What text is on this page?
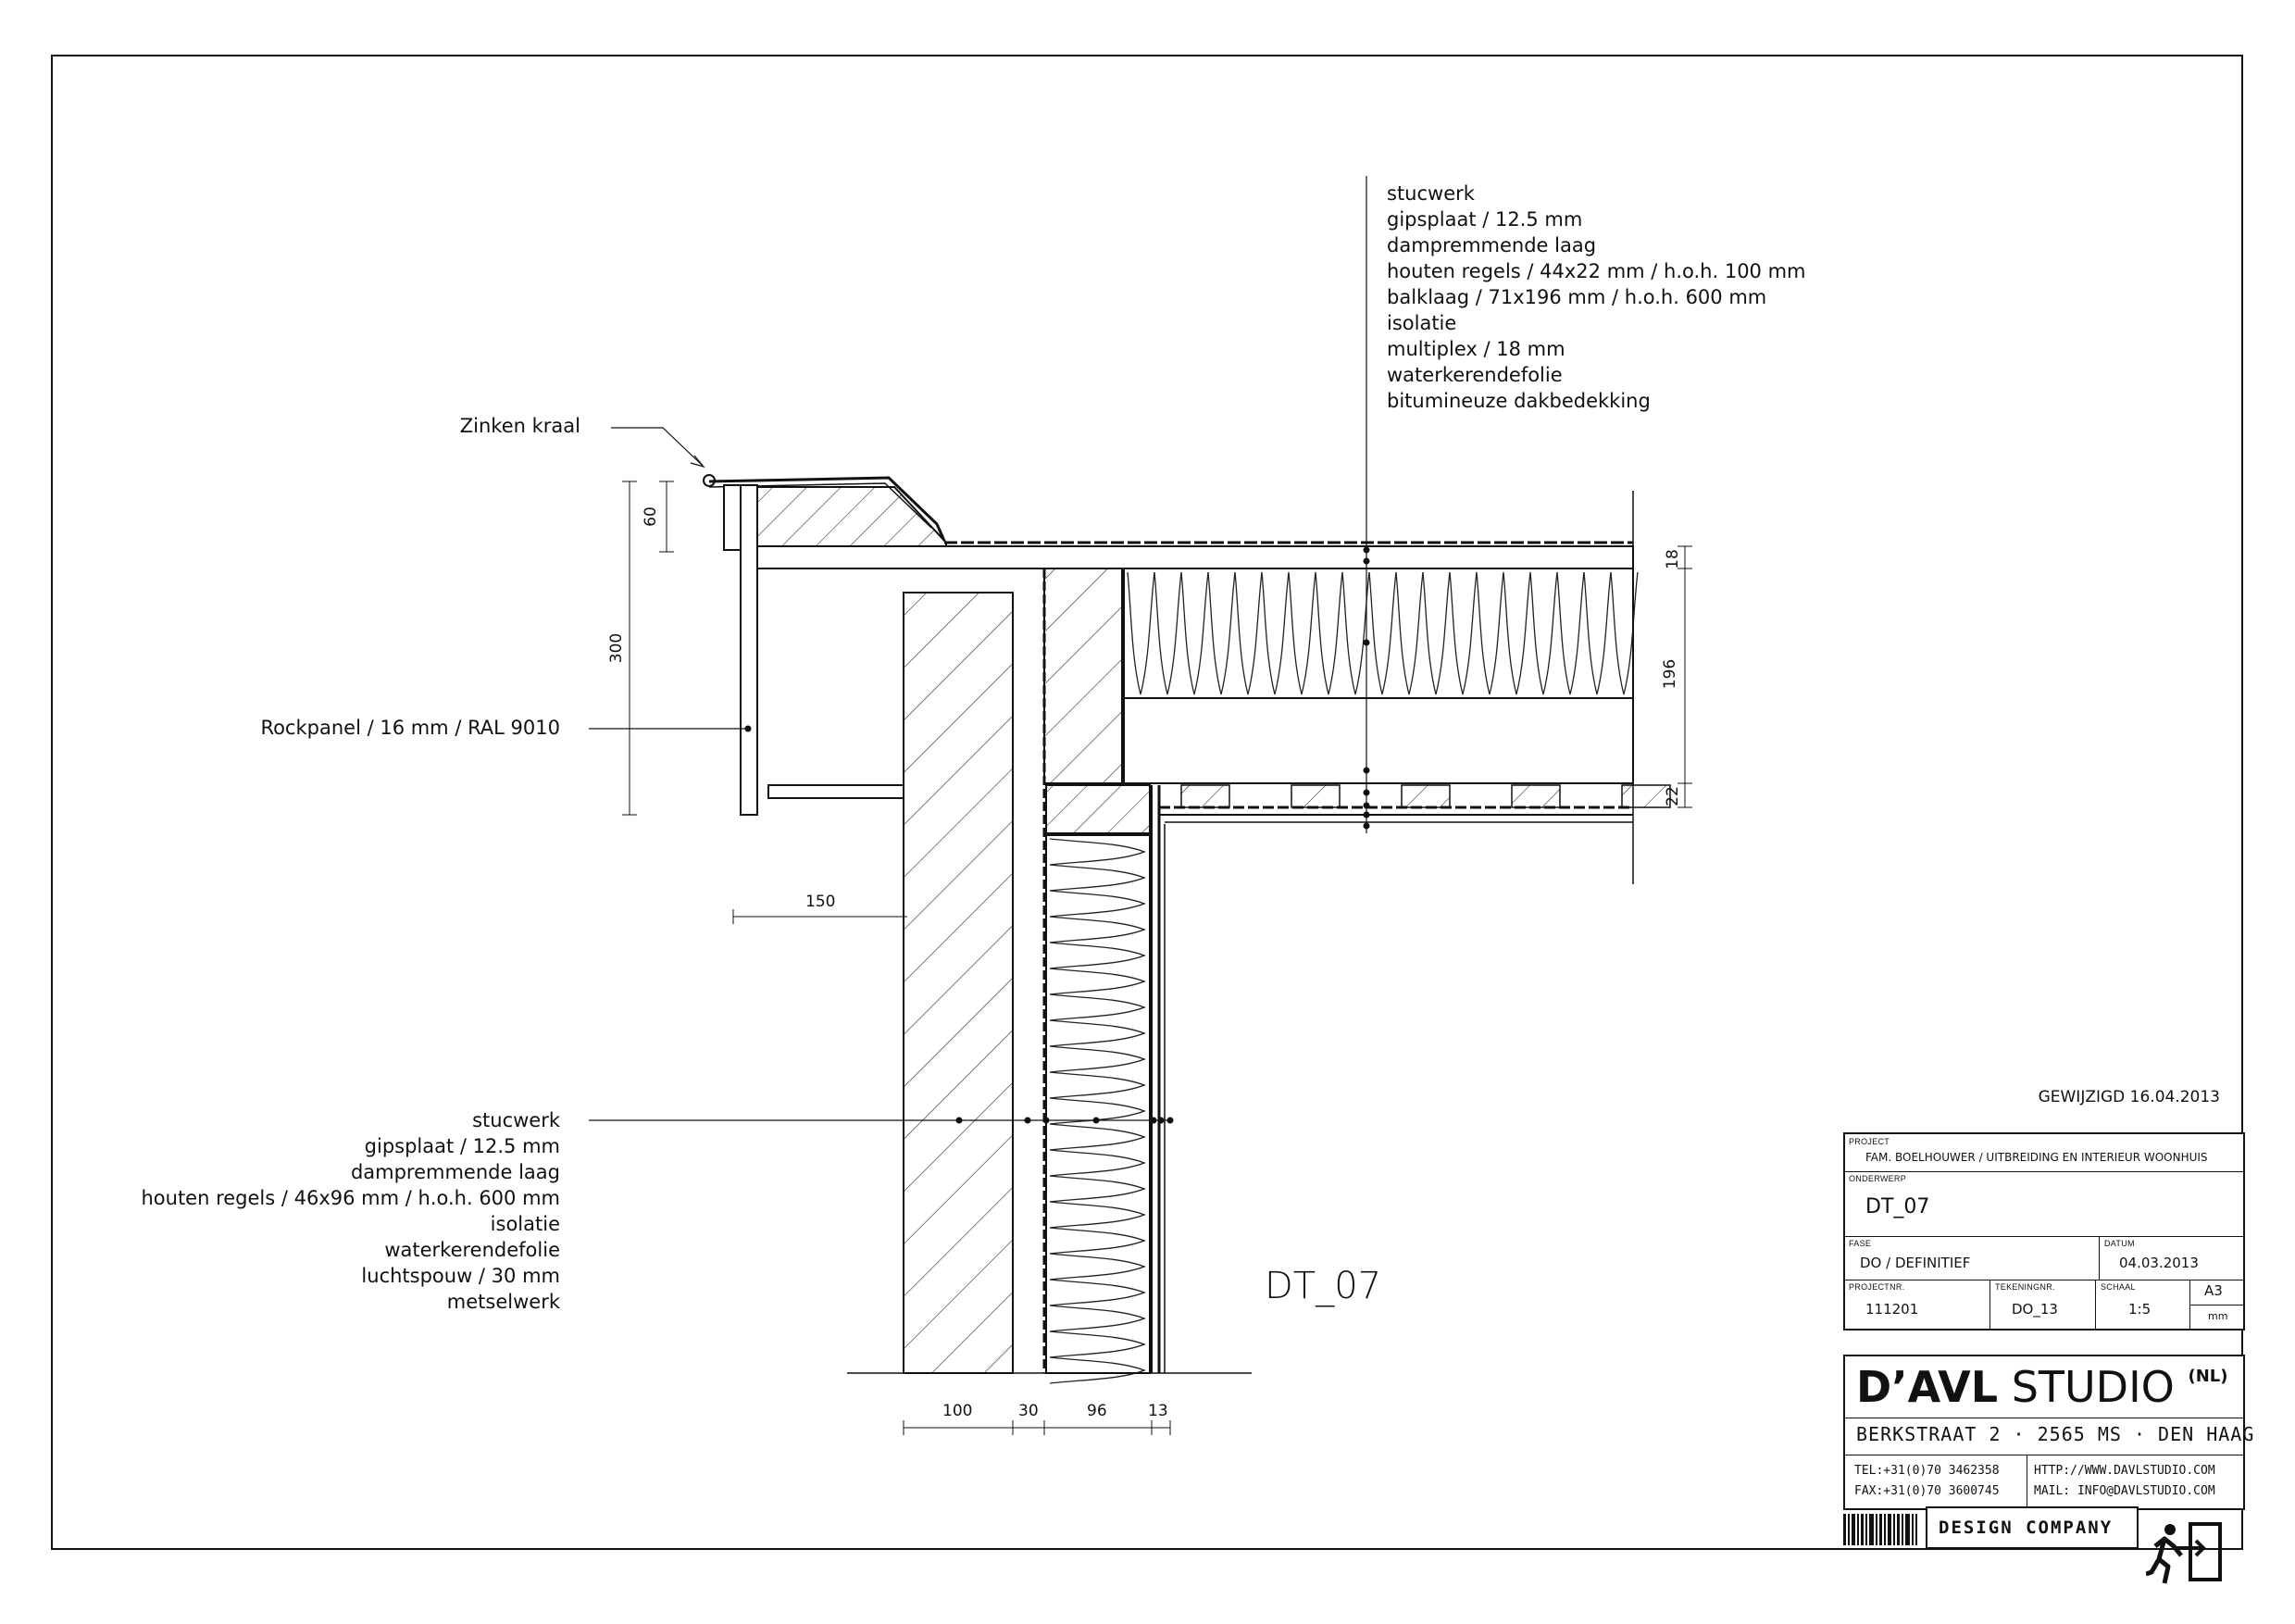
stucwerk
gipsplaat / 12.5 mm
dampremmende laag
houten regels / 44x22 mm / h.o.h. 100 mm
balklaag / 71x196 mm / h.o.h. 600 mm
isolatie
multiplex / 18 mm
waterkerendefolie
bitumineuze dakbedekking
stucwerk
gipsplaat / 12.5 mm
dampremmende laag
houten regels / 46x96 mm / h.o.h. 600 mm
isolatie
waterkerendefolie
luchtspouw / 30 mm
metselwerk
Zinken kraal
Rockpanel / 16 mm / RAL 9010
60
300
150
18
196
22
100	30	96	13
DT_07
GEWIJZIGD 16.04.2013
PROJECT
FAM. BOELHOUWER / UITBREIDING EN INTERIEUR WOONHUIS
ONDERWERP
DT_07
FASE
DO / DEFINITIEF
DATUM
04.03.2013
PROJECTNR.
111201
TEKENINGNR.
DO_13
SCHAAL
1:5
A3
mm
D’AVL STUDIO $^{(NL)}$
BERKSTRAAT 2 · 2565 MS · DEN HAAG
TEL:+31(0)70 3462358
FAX:+31(0)70 3600745
HTTP://WWW.DAVLSTUDIO.COM
MAIL: INFO@DAVLSTUDIO.COM
DESIGN COMPANY
